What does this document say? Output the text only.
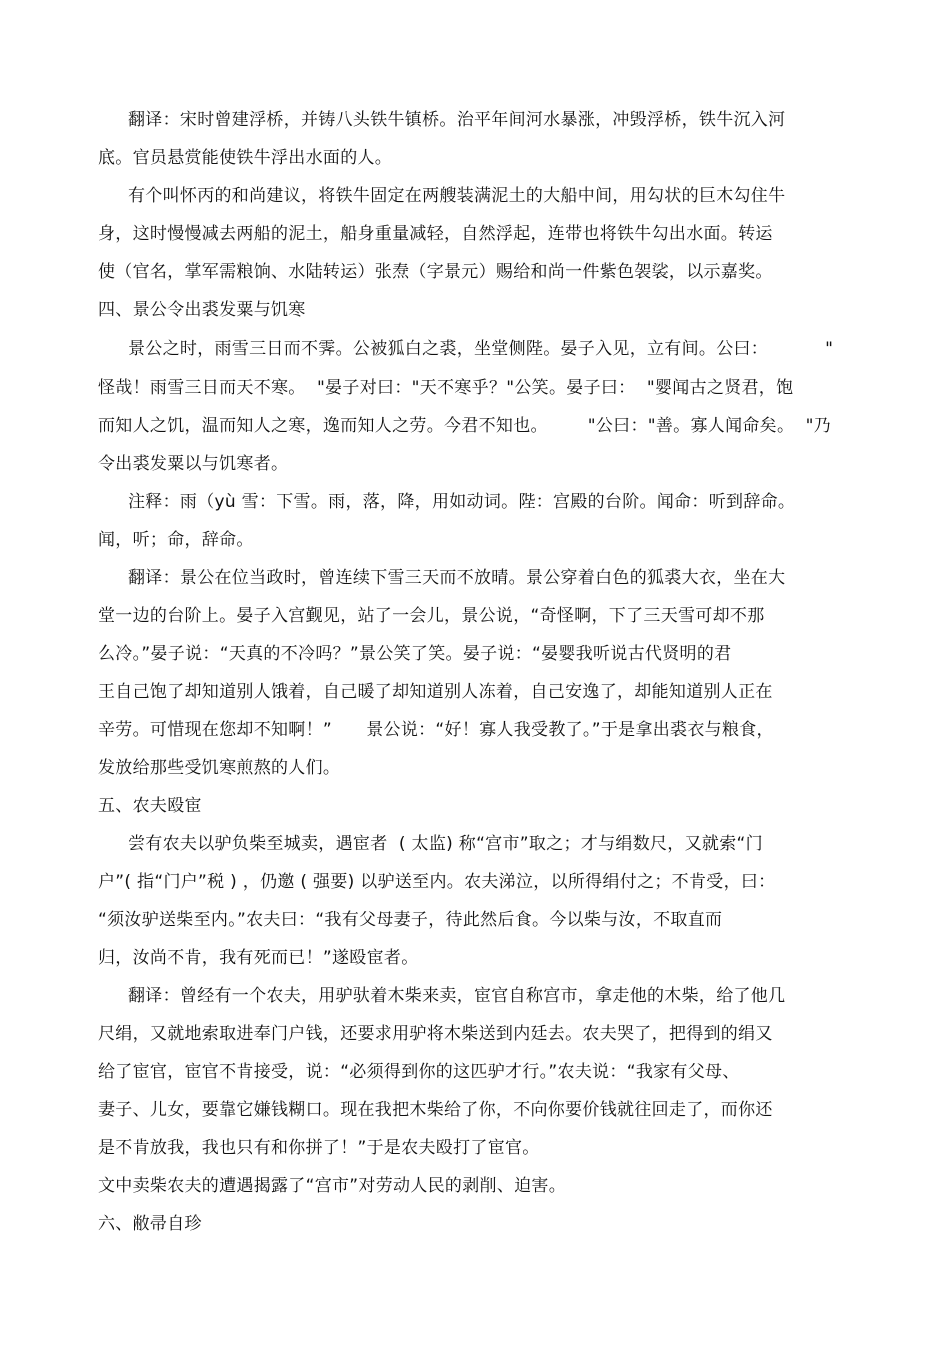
翻译：宋时曾建浮桥，并铸八头铁牛镇桥。治平年间河水暴涨，冲毁浮桥，铁牛沉入河
底。官员悬赏能使铁牛浮出水面的人。
有个叫怀丙的和尚建议，将铁牛固定在两艘装满泥土的大船中间，用勾状的巨木勾住牛
身，这时慢慢减去两船的泥土，船身重量减轻，自然浮起，连带也将铁牛勾出水面。转运
使（官名，掌军需粮饷、水陆转运）张焘（字景元）赐给和尚一件紫色袈裟，以示嘉奖。
四、景公令出裘发粟与饥寒
景公之时，雨雪三日而不霁。公被狐白之裘，坐堂侧陛。晏子入见，立有间。公曰：          "
怪哉！雨雪三日而天不寒。  "晏子对曰："天不寒乎？"公笑。晏子曰：  "婴闻古之贤君，饱
而知人之饥，温而知人之寒，逸而知人之劳。今君不知也。       "公曰："善。寡人闻命矣。  "乃
令出裘发粟以与饥寒者。
注释：雨（yù 雪：下雪。雨，落，降，用如动词。陛：宫殿的台阶。闻命：听到辞命。
闻，听；命，辞命。
翻译：景公在位当政时，曾连续下雪三天而不放晴。景公穿着白色的狐裘大衣，坐在大
堂一边的台阶上。晏子入宫觐见，站了一会儿，景公说，“奇怪啊，下了三天雪可却不那
么冷。”晏子说：“天真的不冷吗？”景公笑了笑。晏子说：“晏婴我听说古代贤明的君
王自己饱了却知道别人饿着，自己暖了却知道别人冻着，自己安逸了，却能知道别人正在
辛劳。可惜现在您却不知啊！”      景公说：“好！寡人我受教了。”于是拿出裘衣与粮食，
发放给那些受饥寒煎熬的人们。
五、农夫殴宦
尝有农夫以驴负柴至城卖，遇宦者  ( 太监) 称“宫市”取之；才与绢数尺，又就索“门
户”( 指“门户”税 ) ，仍邀 ( 强要) 以驴送至内。农夫涕泣，以所得绢付之；不肯受，曰：
“须汝驴送柴至内。”农夫曰：“我有父母妻子，待此然后食。今以柴与汝，不取直而
归，汝尚不肯，我有死而已！”遂殴宦者。
翻译：曾经有一个农夫，用驴驮着木柴来卖，宦官自称宫市，拿走他的木柴，给了他几
尺绢，又就地索取进奉门户钱，还要求用驴将木柴送到内廷去。农夫哭了，把得到的绢又
给了宦官，宦官不肯接受，说：“必须得到你的这匹驴才行。”农夫说：“我家有父母、
妻子、儿女，要靠它嫌钱糊口。现在我把木柴给了你，不向你要价钱就往回走了，而你还
是不肯放我，我也只有和你拼了！”于是农夫殴打了宦官。
文中卖柴农夫的遭遇揭露了“宫市”对劳动人民的剥削、迫害。
六、敝帚自珍
